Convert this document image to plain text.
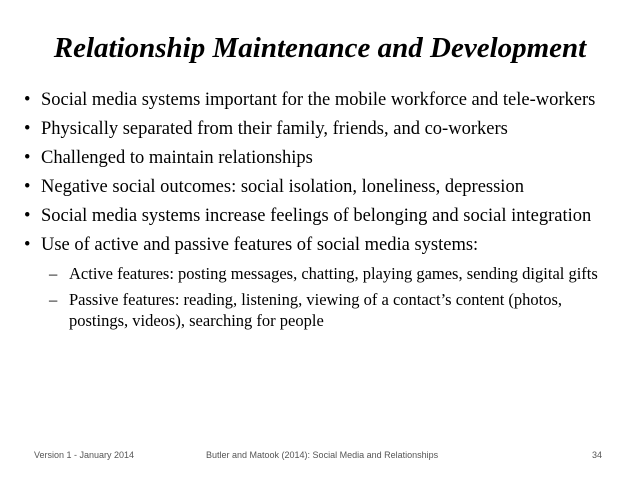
Relationship Maintenance and Development
• Social media systems important for the mobile workforce and tele-workers
• Physically separated from their family, friends, and co-workers
• Challenged to maintain relationships
• Negative social outcomes: social isolation, loneliness, depression
• Social media systems increase feelings of belonging and social integration
• Use of active and passive features of social media systems:
– Active features: posting messages, chatting, playing games, sending digital gifts
– Passive features: reading, listening, viewing of a contact’s content (photos, postings, videos), searching for people
Version 1 - January 2014	Butler and Matook (2014): Social Media and Relationships	34
